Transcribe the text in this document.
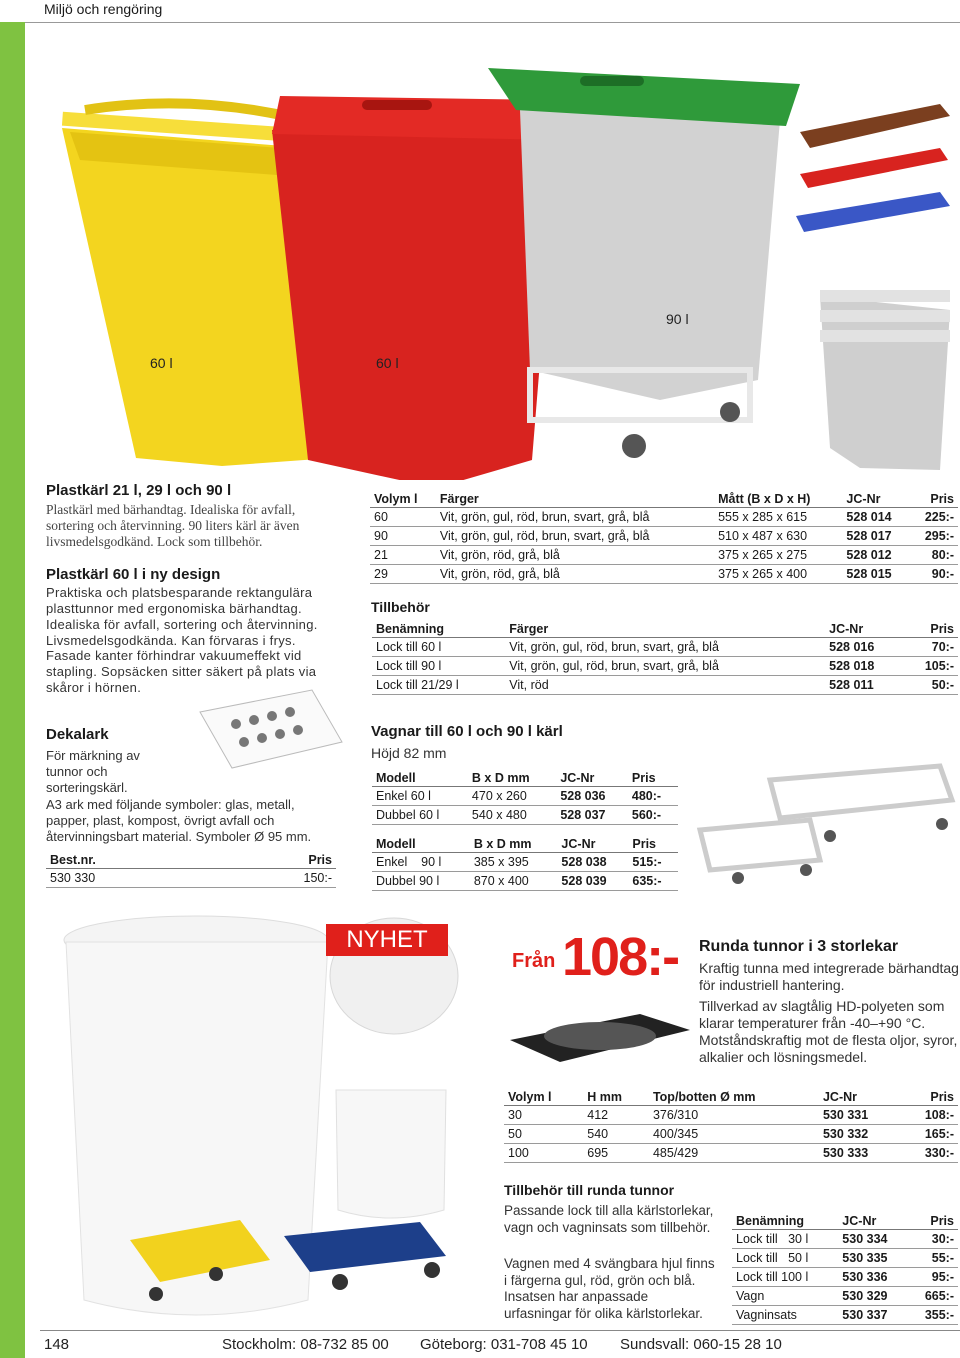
Miljö och rengöring
60 l	60 l
90 l
Plastkärl 21 l, 29 l och 90 l
Plastkärl med bärhandtag. Idealiska för avfall, sortering och återvinning. 90 liters kärl är även livsmedelsgodkänd. Lock som tillbehör.
Plastkärl 60 l i ny design
Praktiska och platsbesparande rektangulära plasttunnor med ergonomiska bärhandtag. Idealiska för avfall, sortering och återvinning. Livsmedelsgodkända. Kan förvaras i frys.
Fasade kanter förhindrar vakuumeffekt vid stapling. Sopsäcken sitter säkert på plats via skåror i hörnen.
Dekalark
För märkning av tunnor och sorteringskärl.
A3 ark med följande symboler: glas, metall, papper, plast, kompost, övrigt avfall och återvinningsbart material. Symboler Ø 95 mm.
Best.nr.	Pris
530 330	150:-
Volym l	Färger	Mått (B x D x H)	JC-Nr	Pris
60	Vit, grön, gul, röd, brun, svart, grå, blå	555 x 285 x 615	528 014	225:-
90	Vit, grön, gul, röd, brun, svart, grå, blå	510 x 487 x 630	528 017	295:-
21	Vit, grön, röd, grå, blå	375 x 265 x 275	528 012	80:-
29	Vit, grön, röd, grå, blå	375 x 265 x 400	528 015	90:-
Tillbehör
Benämning	Färger	JC-Nr	Pris
Lock till 60 l	Vit, grön, gul, röd, brun, svart, grå, blå	528 016	70:-
Lock till 90 l	Vit, grön, gul, röd, brun, svart, grå, blå	528 018	105:-
Lock till 21/29 l	Vit, röd	528 011	50:-
Vagnar till 60 l och 90 l kärl
Höjd 82 mm
Modell	B x D mm	JC-Nr	Pris
Enkel 60 l	470 x 260	528 036	480:-
Dubbel 60 l	540 x 480	528 037	560:-
Modell	B x D mm	JC-Nr	Pris
Enkel    90 l	385 x 395	528 038	515:-
Dubbel 90 l	870 x 400	528 039	635:-
NYHET
Från 108:- Runda tunnor i 3 storlekar
Kraftig tunna med integrerade bärhandtag för industriell hantering.
Tillverkad av slagtålig HD-polyeten som klarar temperaturer från -40–+90 °C. Motståndskraftig mot de flesta oljor, syror, alkalier och lösningsmedel.
Volym l	H mm	Top/botten Ø mm	JC-Nr	Pris
30	412	376/310	530 331	108:-
50	540	400/345	530 332	165:-
100	695	485/429	530 333	330:-
Tillbehör till runda tunnor
Passande lock till alla kärlstorlekar, vagn och vagninsats som tillbehör.
Vagnen med 4 svängbara hjul finns i färgerna gul, röd, grön och blå. Insatsen har anpassade urfasningar för olika kärlstorlekar.
Benämning	JC-Nr	Pris
Lock till   30 l	530 334	30:-
Lock till   50 l	530 335	55:-
Lock till 100 l	530 336	95:-
Vagn	530 329	665:-
Vagninsats	530 337	355:-
148	Stockholm: 08-732 85 00 Göteborg: 031-708 45 10 Sundsvall: 060-15 28 10
